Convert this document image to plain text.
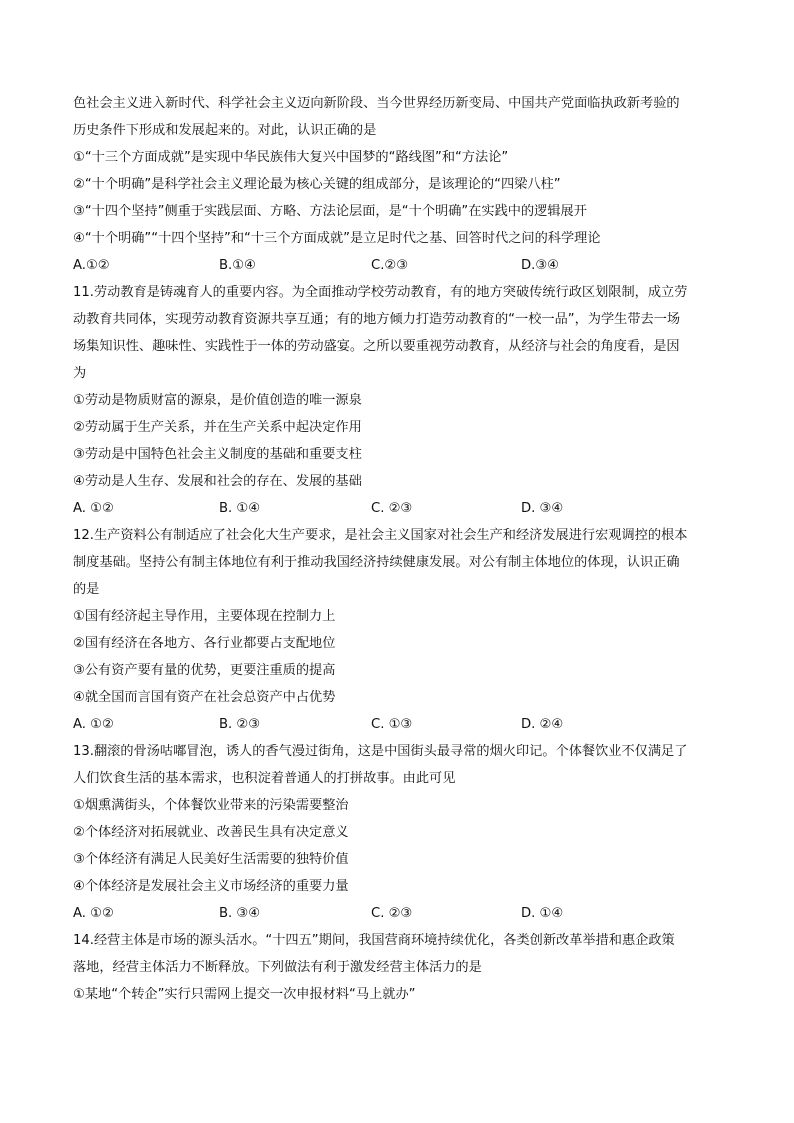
色社会主义进入新时代、科学社会主义迈向新阶段、当今世界经历新变局、中国共产党面临执政新考验的
历史条件下形成和发展起来的。对此，认识正确的是
①“十三个方面成就”是实现中华民族伟大复兴中国梦的“路线图”和“方法论”
②“十个明确”是科学社会主义理论最为核心关键的组成部分，是该理论的“四梁八柱”
③“十四个坚持”侧重于实践层面、方略、方法论层面，是“十个明确”在实践中的逻辑展开
④“十个明确”“十四个坚持”和“十三个方面成就”是立足时代之基、回答时代之问的科学理论
A.①②	B.①④	C.②③	D.③④
11.劳动教育是铸魂育人的重要内容。为全面推动学校劳动教育，有的地方突破传统行政区划限制，成立劳
动教育共同体，实现劳动教育资源共享互通；有的地方倾力打造劳动教育的“一校一品”，为学生带去一场
场集知识性、趣味性、实践性于一体的劳动盛宴。之所以要重视劳动教育，从经济与社会的角度看，是因
为
①劳动是物质财富的源泉，是价值创造的唯一源泉
②劳动属于生产关系，并在生产关系中起决定作用
③劳动是中国特色社会主义制度的基础和重要支柱
④劳动是人生存、发展和社会的存在、发展的基础
A. ①②	B. ①④	C. ②③	D. ③④
12.生产资料公有制适应了社会化大生产要求，是社会主义国家对社会生产和经济发展进行宏观调控的根本
制度基础。坚持公有制主体地位有利于推动我国经济持续健康发展。对公有制主体地位的体现，认识正确
的是
①国有经济起主导作用，主要体现在控制力上
②国有经济在各地方、各行业都要占支配地位
③公有资产要有量的优势，更要注重质的提高
④就全国而言国有资产在社会总资产中占优势
A. ①②	B. ②③	C. ①③	D. ②④
13.翻滚的骨汤咕嘟冒泡，诱人的香气漫过街角，这是中国街头最寻常的烟火印记。个体餐饮业不仅满足了
人们饮食生活的基本需求，也积淀着普通人的打拼故事。由此可见
①烟熏满街头，个体餐饮业带来的污染需要整治
②个体经济对拓展就业、改善民生具有决定意义
③个体经济有满足人民美好生活需要的独特价值
④个体经济是发展社会主义市场经济的重要力量
A. ①②	B. ③④	C. ②③	D. ①④
14.经营主体是市场的源头活水。“十四五”期间，我国营商环境持续优化，各类创新改革举措和惠企政策
落地，经营主体活力不断释放。下列做法有利于激发经营主体活力的是
①某地“个转企”实行只需网上提交一次申报材料“马上就办”
